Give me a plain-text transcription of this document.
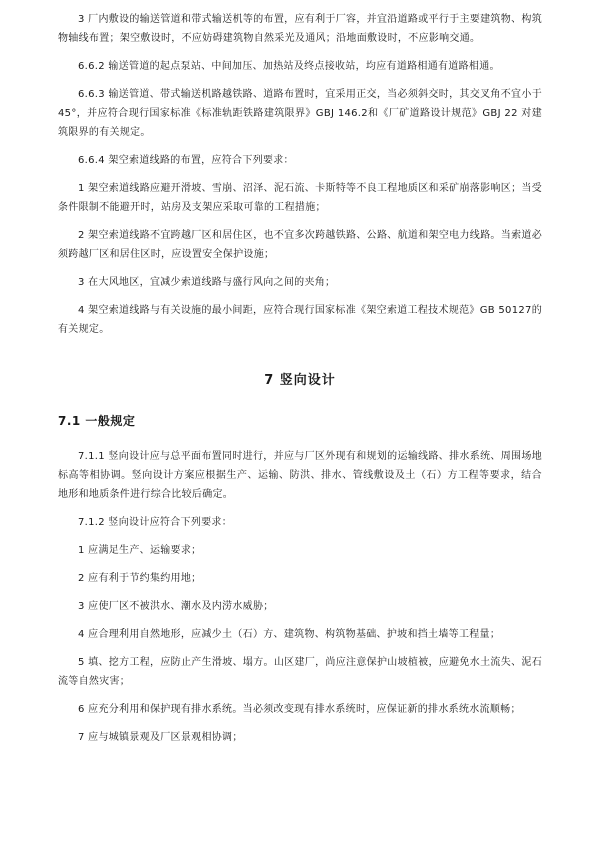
3 厂内敷设的输送管道和带式输送机等的布置，应有利于厂容，并宜沿道路或平行于主要建筑物、构筑物轴线布置；架空敷设时，不应妨碍建筑物自然采光及通风；沿地面敷设时，不应影响交通。

6.6.2 输送管道的起点泵站、中间加压、加热站及终点接收站，均应有道路相通有道路相通。

6.6.3 输送管道、带式输送机路越铁路、道路布置时，宜采用正交，当必须斜交时，其交叉角不宜小于 45°，并应符合现行国家标准《标准轨距铁路建筑限界》GBJ 146.2和《厂矿道路设计规范》GBJ 22 对建筑限界的有关规定。

6.6.4 架空索道线路的布置，应符合下列要求：

1 架空索道线路应避开滑坡、雪崩、沼泽、泥石流、卡斯特等不良工程地质区和采矿崩落影响区；当受条件限制不能避开时，站房及支架应采取可靠的工程措施；

2 架空索道线路不宜跨越厂区和居住区，也不宜多次跨越铁路、公路、航道和架空电力线路。当索道必须跨越厂区和居住区时，应设置安全保护设施；

3 在大风地区，宜减少索道线路与盛行风向之间的夹角；

4 架空索道线路与有关设施的最小间距，应符合现行国家标准《架空索道工程技术规范》GB 50127的有关规定。

7 竖向设计
7.1 一般规定

7.1.1 竖向设计应与总平面布置同时进行，并应与厂区外现有和规划的运输线路、排水系统、周围场地标高等相协调。竖向设计方案应根据生产、运输、防洪、排水、管线敷设及土（石）方工程等要求，结合地形和地质条件进行综合比较后确定。

7.1.2 竖向设计应符合下列要求：

1 应满足生产、运输要求；

2 应有利于节约集约用地；

3 应使厂区不被洪水、潮水及内涝水威胁；

4 应合理利用自然地形，应减少土（石）方、建筑物、构筑物基础、护坡和挡土墙等工程量；

5 填、挖方工程，应防止产生滑坡、塌方。山区建厂，尚应注意保护山坡植被，应避免水土流失、泥石流等自然灾害；

6 应充分利用和保护现有排水系统。当必须改变现有排水系统时，应保证新的排水系统水流顺畅；

7 应与城镇景观及厂区景观相协调；
